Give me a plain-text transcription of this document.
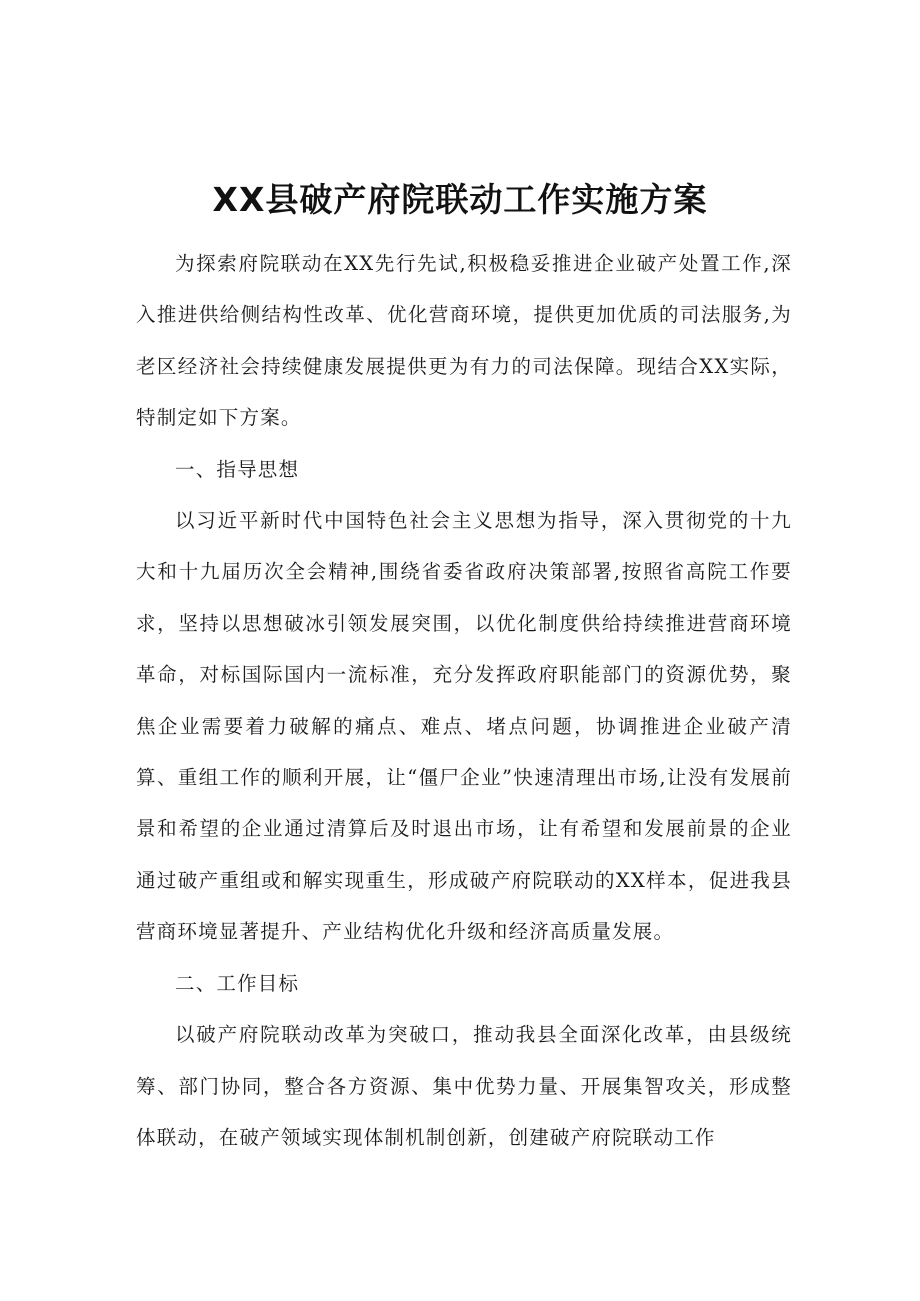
XX县破产府院联动工作实施方案

为探索府院联动在XX先行先试,积极稳妥推进企业破产处置工作,深入推进供给侧结构性改革、优化营商环境，提供更加优质的司法服务,为老区经济社会持续健康发展提供更为有力的司法保障。现结合XX实际，特制定如下方案。

一、指导思想

以习近平新时代中国特色社会主义思想为指导，深入贯彻党的十九大和十九届历次全会精神,围绕省委省政府决策部署,按照省高院工作要求，坚持以思想破冰引领发展突围，以优化制度供给持续推进营商环境革命，对标国际国内一流标准，充分发挥政府职能部门的资源优势，聚焦企业需要着力破解的痛点、难点、堵点问题，协调推进企业破产清算、重组工作的顺利开展，让“僵尸企业”快速清理出市场,让没有发展前景和希望的企业通过清算后及时退出市场，让有希望和发展前景的企业通过破产重组或和解实现重生，形成破产府院联动的XX样本，促进我县营商环境显著提升、产业结构优化升级和经济高质量发展。

二、工作目标

以破产府院联动改革为突破口，推动我县全面深化改革，由县级统筹、部门协同，整合各方资源、集中优势力量、开展集智攻关，形成整体联动，在破产领域实现体制机制创新，创建破产府院联动工作
